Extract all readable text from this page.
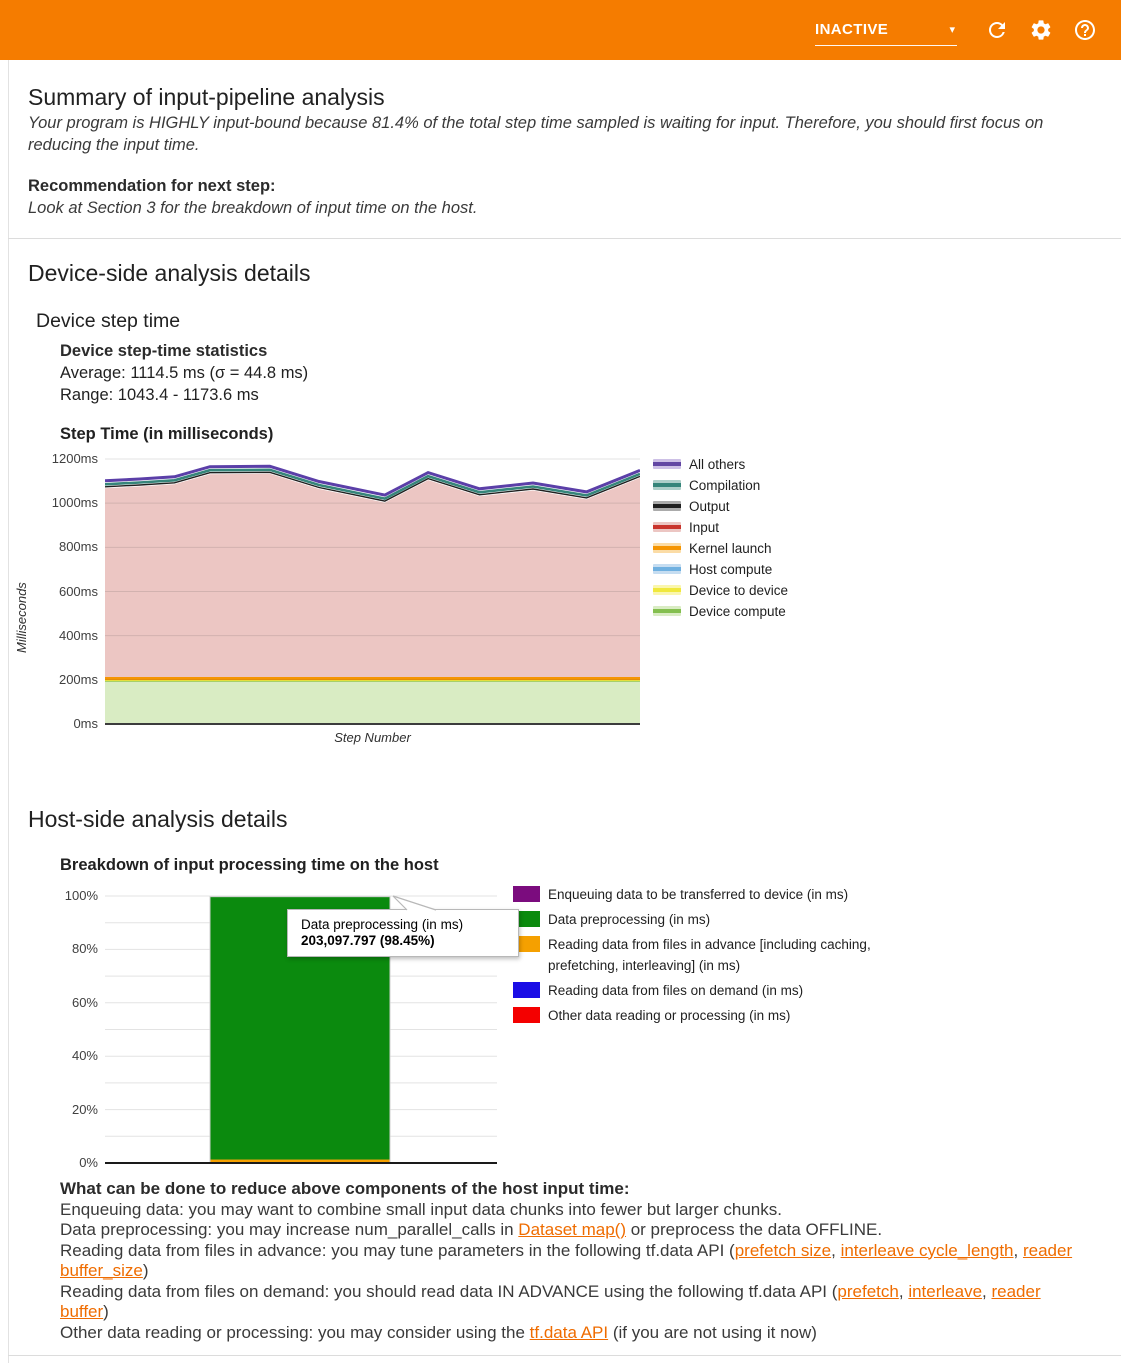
INACTIVE	▾
Summary of input-pipeline analysis
Your program is HIGHLY input-bound because 81.4% of the total step time sampled is waiting for input. Therefore, you should first focus on reducing the input time.
Recommendation for next step:
Look at Section 3 for the breakdown of input time on the host.
Device-side analysis details
Device step time
Device step-time statistics
Average: 1114.5 ms (σ = 44.8 ms)
Range: 1043.4 - 1173.6 ms
Step Time (in milliseconds)
Milliseconds
Step Number
All others
Compilation
Output
Input
Kernel launch
Host compute
Device to device
Device compute
Host-side analysis details
Breakdown of input processing time on the host
Enqueuing data to be transferred to device (in ms)
Data preprocessing (in ms)
Reading data from files in advance [including caching, prefetching, interleaving] (in ms)
Reading data from files on demand (in ms)
Other data reading or processing (in ms)
Data preprocessing (in ms)
203,097.797 (98.45%)
What can be done to reduce above components of the host input time:
Enqueuing data: you may want to combine small input data chunks into fewer but larger chunks.
Data preprocessing: you may increase num_parallel_calls in Dataset map() or preprocess the data OFFLINE.
Reading data from files in advance: you may tune parameters in the following tf.data API (prefetch size, interleave cycle_length, reader buffer_size)
Reading data from files on demand: you should read data IN ADVANCE using the following tf.data API (prefetch, interleave, reader buffer)
Other data reading or processing: you may consider using the tf.data API (if you are not using it now)
0ms
200ms
400ms
600ms
800ms
1000ms
1200ms
0%
20%
40%
60%
80%
100%
